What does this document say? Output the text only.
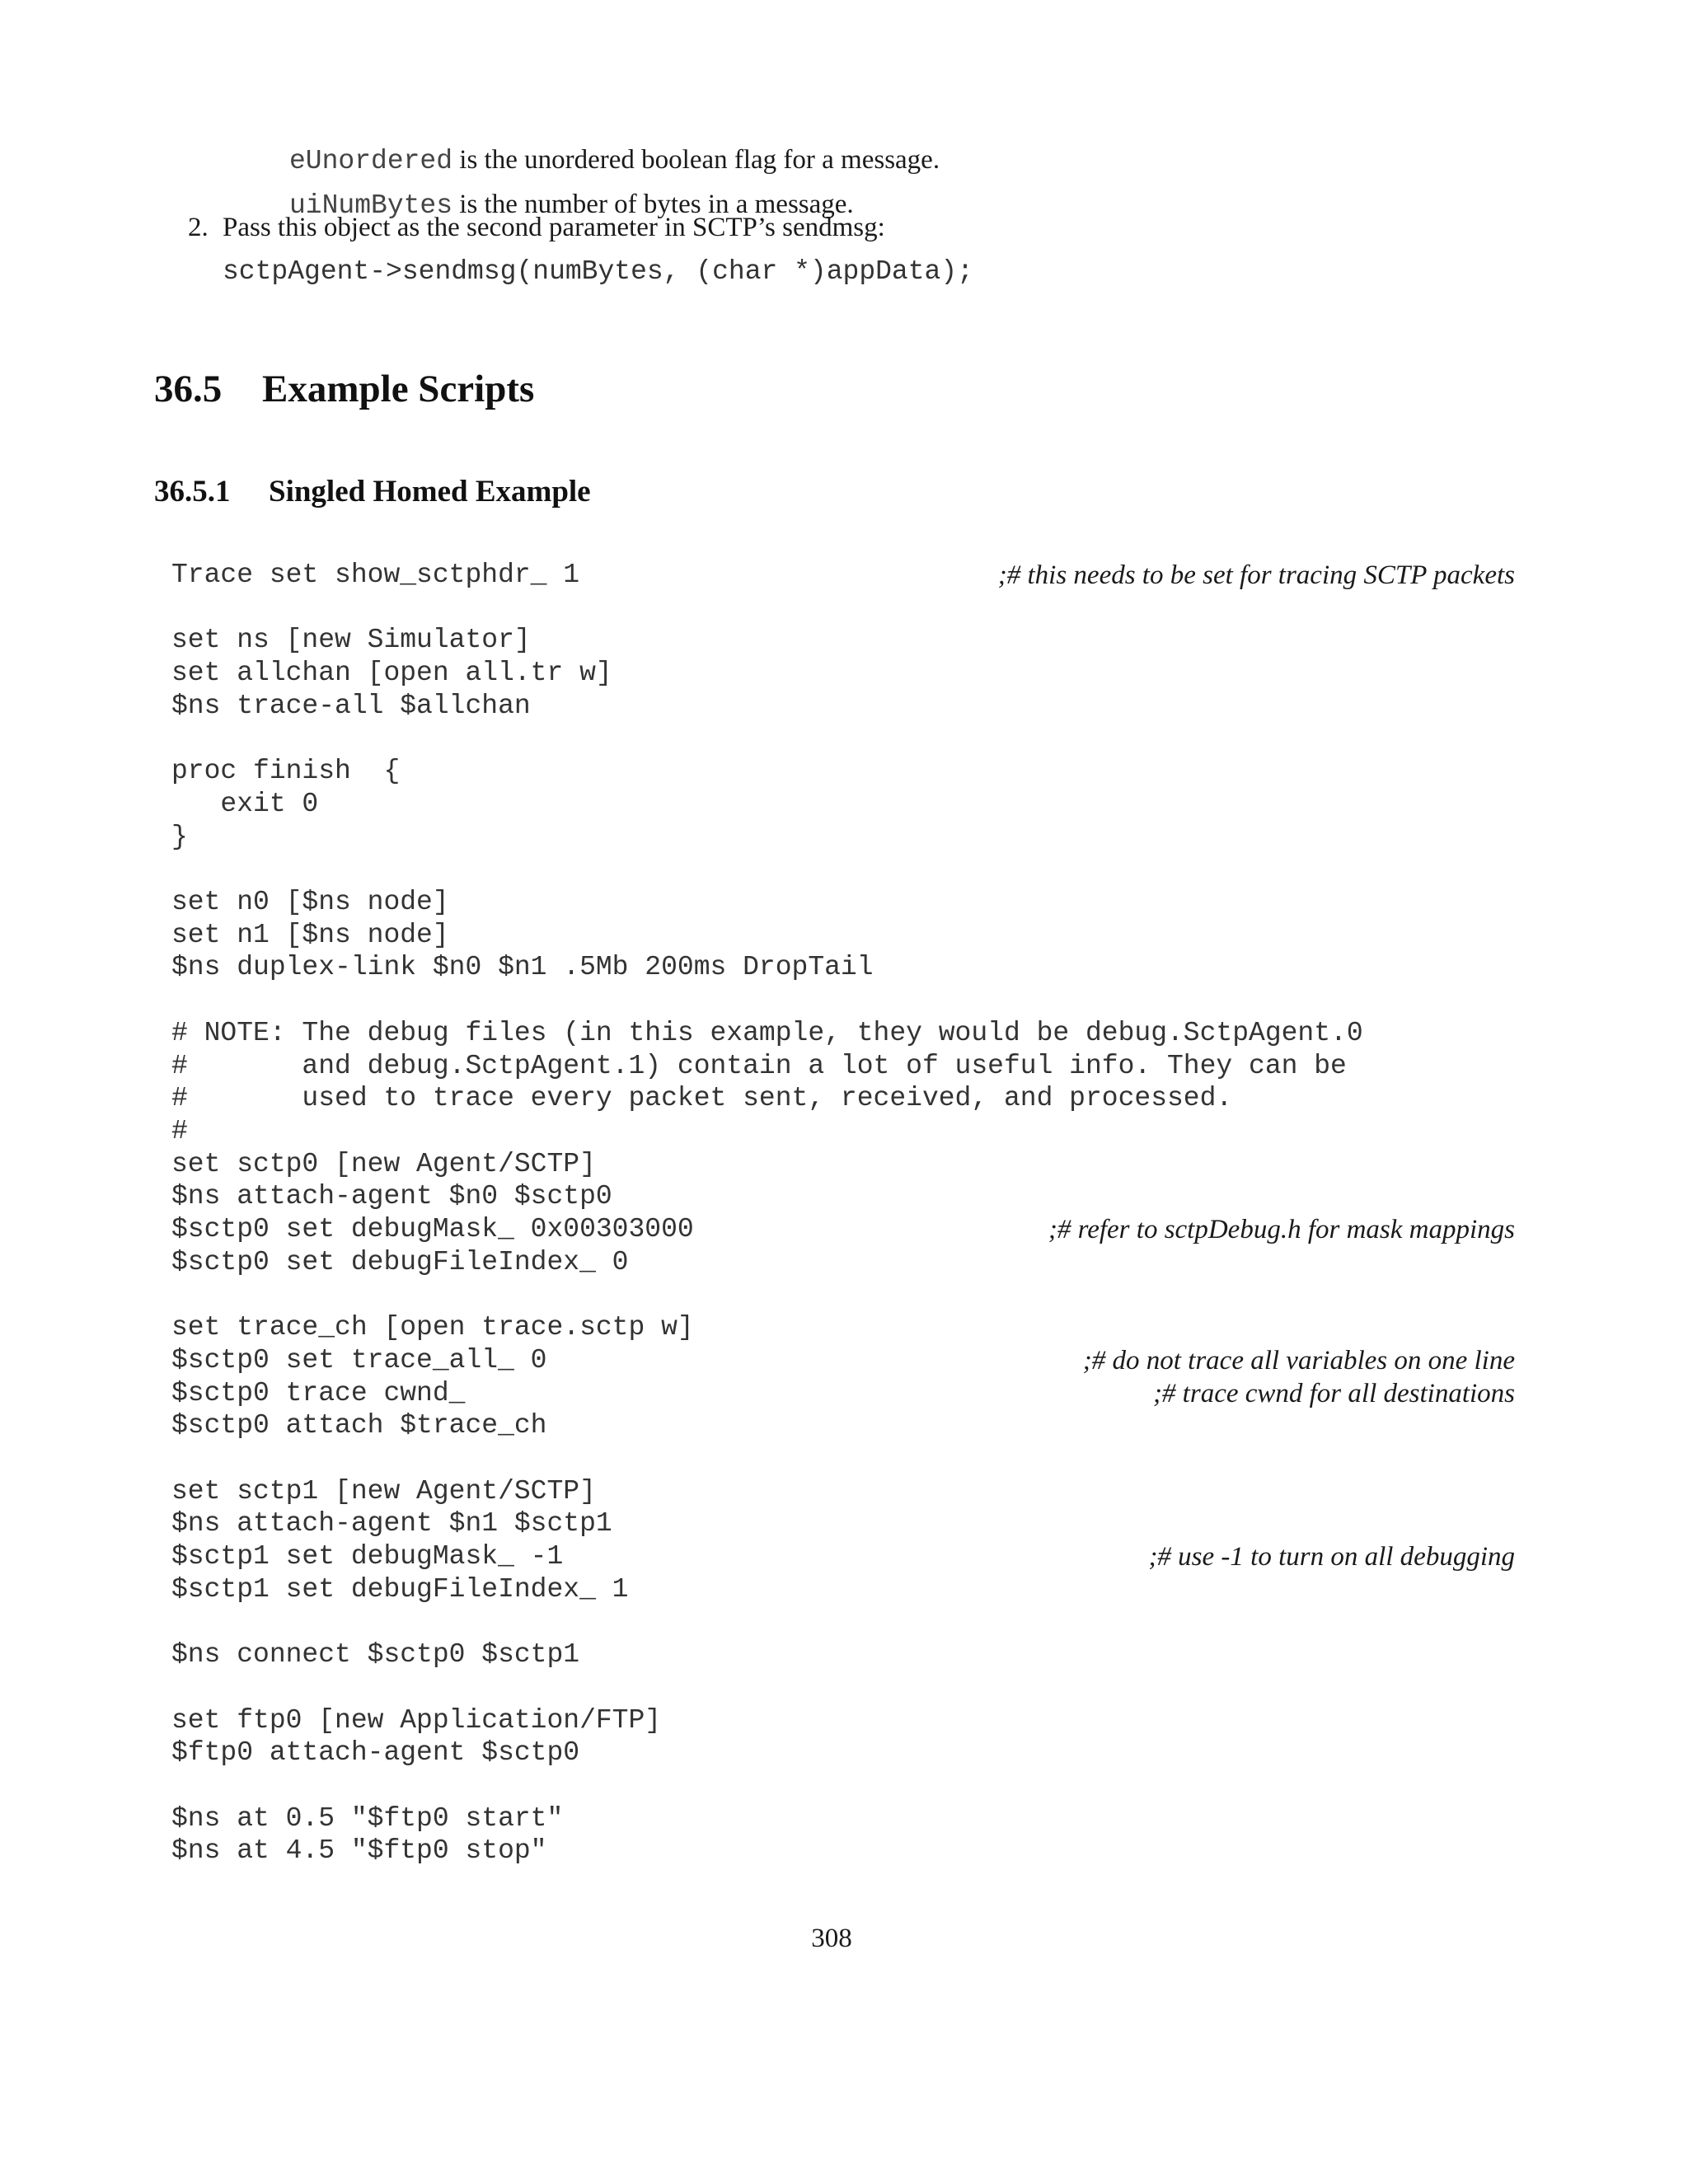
eUnordered is the unordered boolean flag for a message.

uiNumBytes is the number of bytes in a message.

2. Pass this object as the second parameter in SCTP’s sendmsg:
sctpAgent->sendmsg(numBytes, (char *)appData);
36.5 Example Scripts
36.5.1 Singled Homed Example
Trace set show_sctphdr_ 1	;# this needs to be set for tracing SCTP packets
set ns [new Simulator]
set allchan [open all.tr w]
$ns trace-all $allchan
proc finish  {
exit 0
}
set n0 [$ns node]
set n1 [$ns node]
$ns duplex-link $n0 $n1 .5Mb 200ms DropTail
# NOTE: The debug files (in this example, they would be debug.SctpAgent.0
#       and debug.SctpAgent.1) contain a lot of useful info. They can be
#       used to trace every packet sent, received, and processed.
#
set sctp0 [new Agent/SCTP]
$ns attach-agent $n0 $sctp0
$sctp0 set debugMask_ 0x00303000	;# refer to sctpDebug.h for mask mappings
$sctp0 set debugFileIndex_ 0
set trace_ch [open trace.sctp w]
$sctp0 set trace_all_ 0	;# do not trace all variables on one line
$sctp0 trace cwnd_	;# trace cwnd for all destinations
$sctp0 attach $trace_ch
set sctp1 [new Agent/SCTP]
$ns attach-agent $n1 $sctp1
$sctp1 set debugMask_ -1	;# use -1 to turn on all debugging
$sctp1 set debugFileIndex_ 1
$ns connect $sctp0 $sctp1
set ftp0 [new Application/FTP]
$ftp0 attach-agent $sctp0
$ns at 0.5 "$ftp0 start"
$ns at 4.5 "$ftp0 stop"
308
